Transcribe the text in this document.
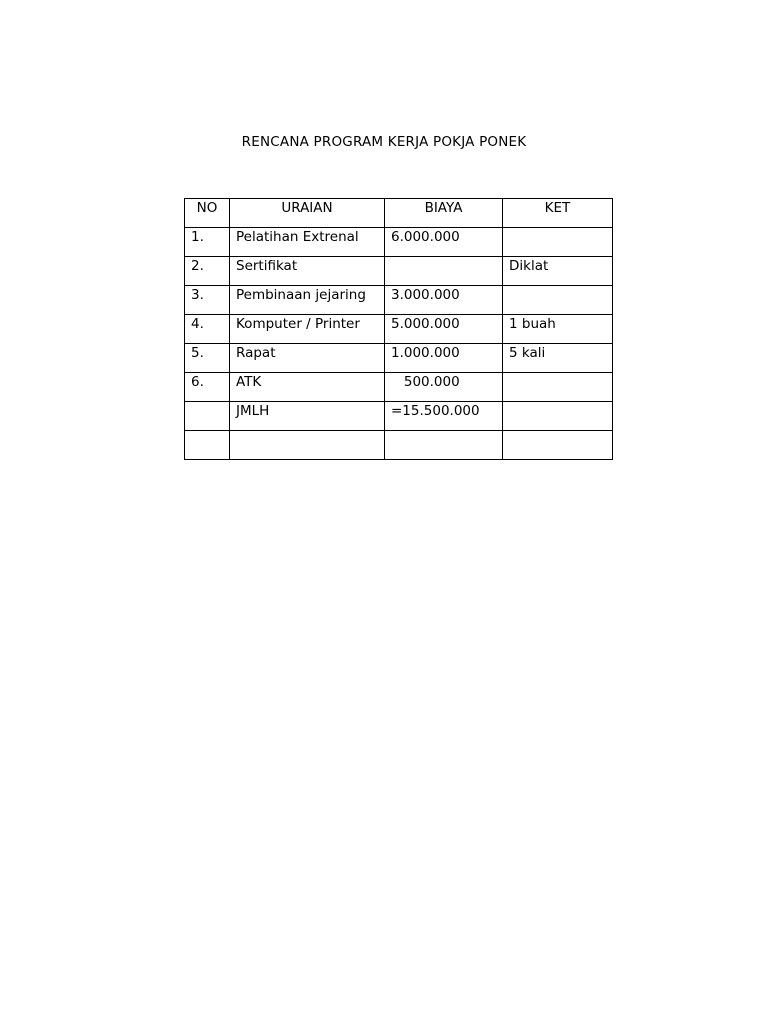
RENCANA PROGRAM KERJA POKJA PONEK
NO	URAIAN	BIAYA	KET
1.	Pelatihan Extrenal	6.000.000	
2.	Sertifikat		Diklat
3.	Pembinaan jejaring	3.000.000	
4.	Komputer / Printer	5.000.000	1 buah
5.	Rapat	1.000.000	5 kali
6.	ATK	500.000	
	JMLH	=15.500.000	
